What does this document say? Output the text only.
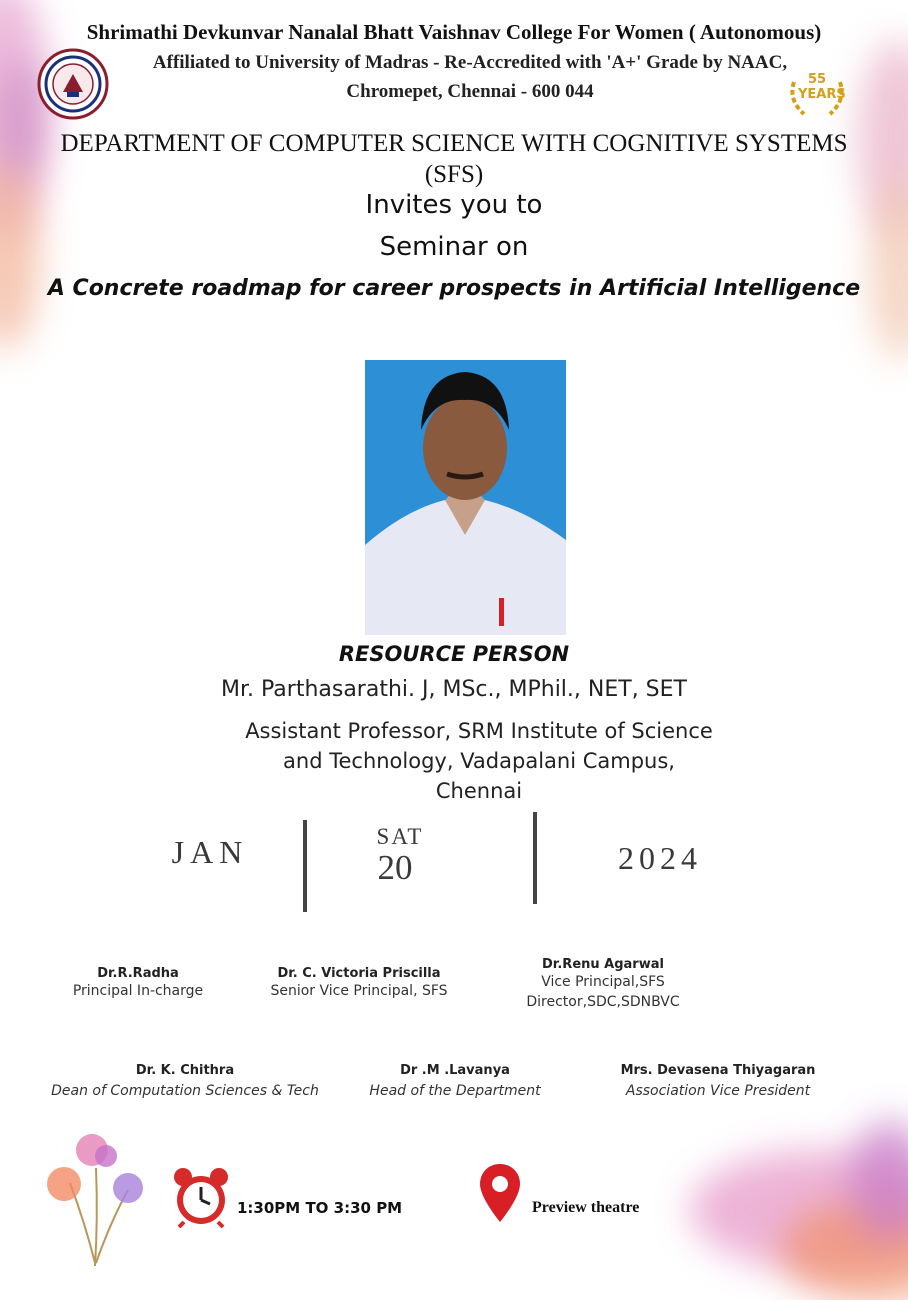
Shrimathi Devkunvar Nanalal Bhatt Vaishnav College For Women ( Autonomous)
Affiliated to University of Madras - Re-Accredited with 'A+' Grade by NAAC,
Chromepet, Chennai - 600 044
55 YEARS
DEPARTMENT OF COMPUTER SCIENCE WITH COGNITIVE SYSTEMS
(SFS)
Invites you to
Seminar on
A Concrete roadmap for career prospects in Artificial Intelligence
RESOURCE PERSON
Mr. Parthasarathi. J, MSc., MPhil., NET, SET
Assistant Professor, SRM Institute of Science
and Technology, Vadapalani Campus,
Chennai
JAN	SAT
20	2024
Dr.R.Radha
Principal In-charge
Dr. C. Victoria Priscilla
Senior Vice Principal, SFS
Dr.Renu Agarwal
Vice Principal,SFS
Director,SDC,SDNBVC
Dr. K. Chithra
Dean of Computation Sciences & Tech
Dr .M .Lavanya
Head of the Department
Mrs. Devasena Thiyagaran
Association Vice President
1:30PM TO 3:30 PM	Preview theatre
